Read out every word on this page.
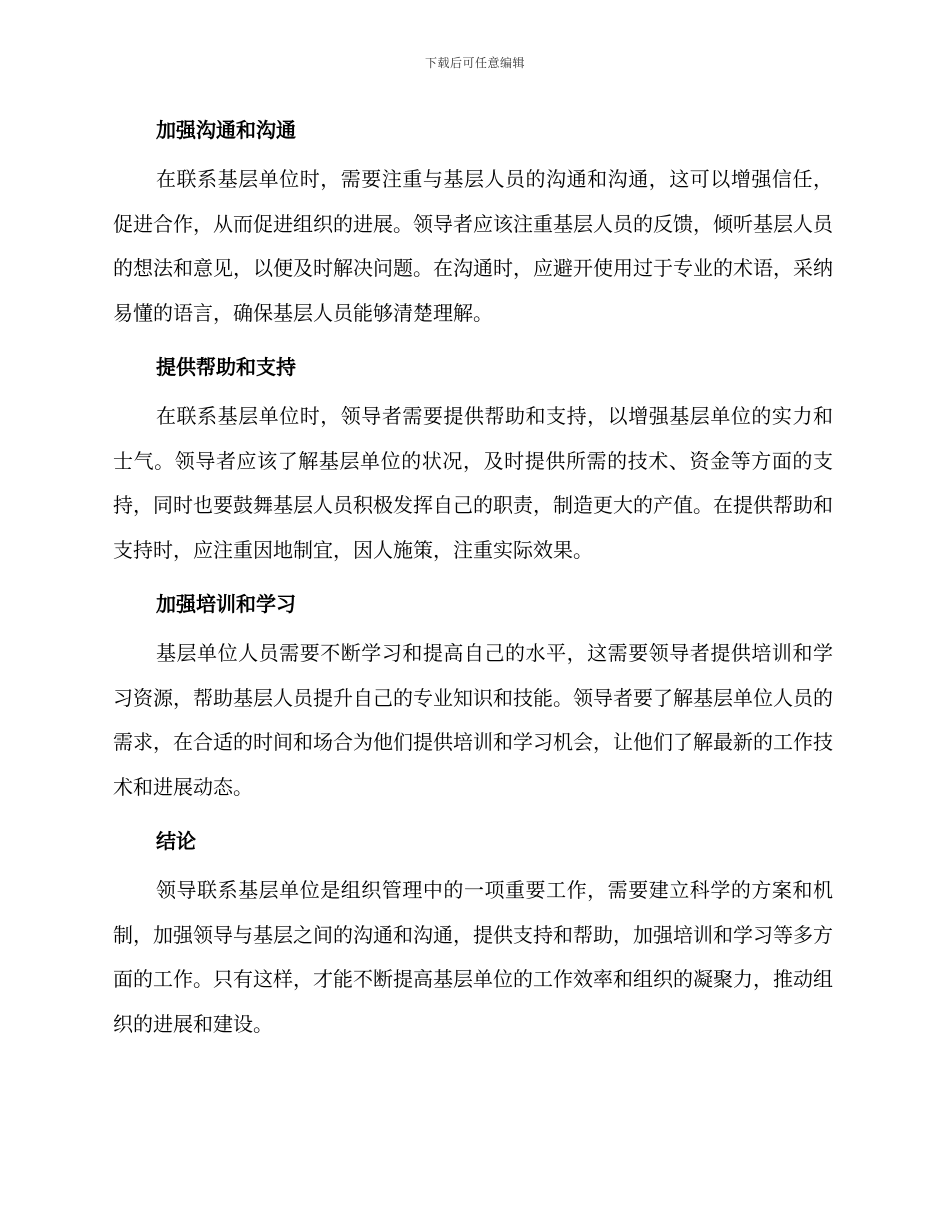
下载后可任意编辑
加强沟通和沟通

在联系基层单位时，需要注重与基层人员的沟通和沟通，这可以增强信任，促进合作，从而促进组织的进展。领导者应该注重基层人员的反馈，倾听基层人员的想法和意见，以便及时解决问题。在沟通时，应避开使用过于专业的术语，采纳易懂的语言，确保基层人员能够清楚理解。

提供帮助和支持

在联系基层单位时，领导者需要提供帮助和支持，以增强基层单位的实力和士气。领导者应该了解基层单位的状况，及时提供所需的技术、资金等方面的支持，同时也要鼓舞基层人员积极发挥自己的职责，制造更大的产值。在提供帮助和支持时，应注重因地制宜，因人施策，注重实际效果。

加强培训和学习

基层单位人员需要不断学习和提高自己的水平，这需要领导者提供培训和学习资源，帮助基层人员提升自己的专业知识和技能。领导者要了解基层单位人员的需求，在合适的时间和场合为他们提供培训和学习机会，让他们了解最新的工作技术和进展动态。

结论

领导联系基层单位是组织管理中的一项重要工作，需要建立科学的方案和机制，加强领导与基层之间的沟通和沟通，提供支持和帮助，加强培训和学习等多方面的工作。只有这样，才能不断提高基层单位的工作效率和组织的凝聚力，推动组织的进展和建设。
